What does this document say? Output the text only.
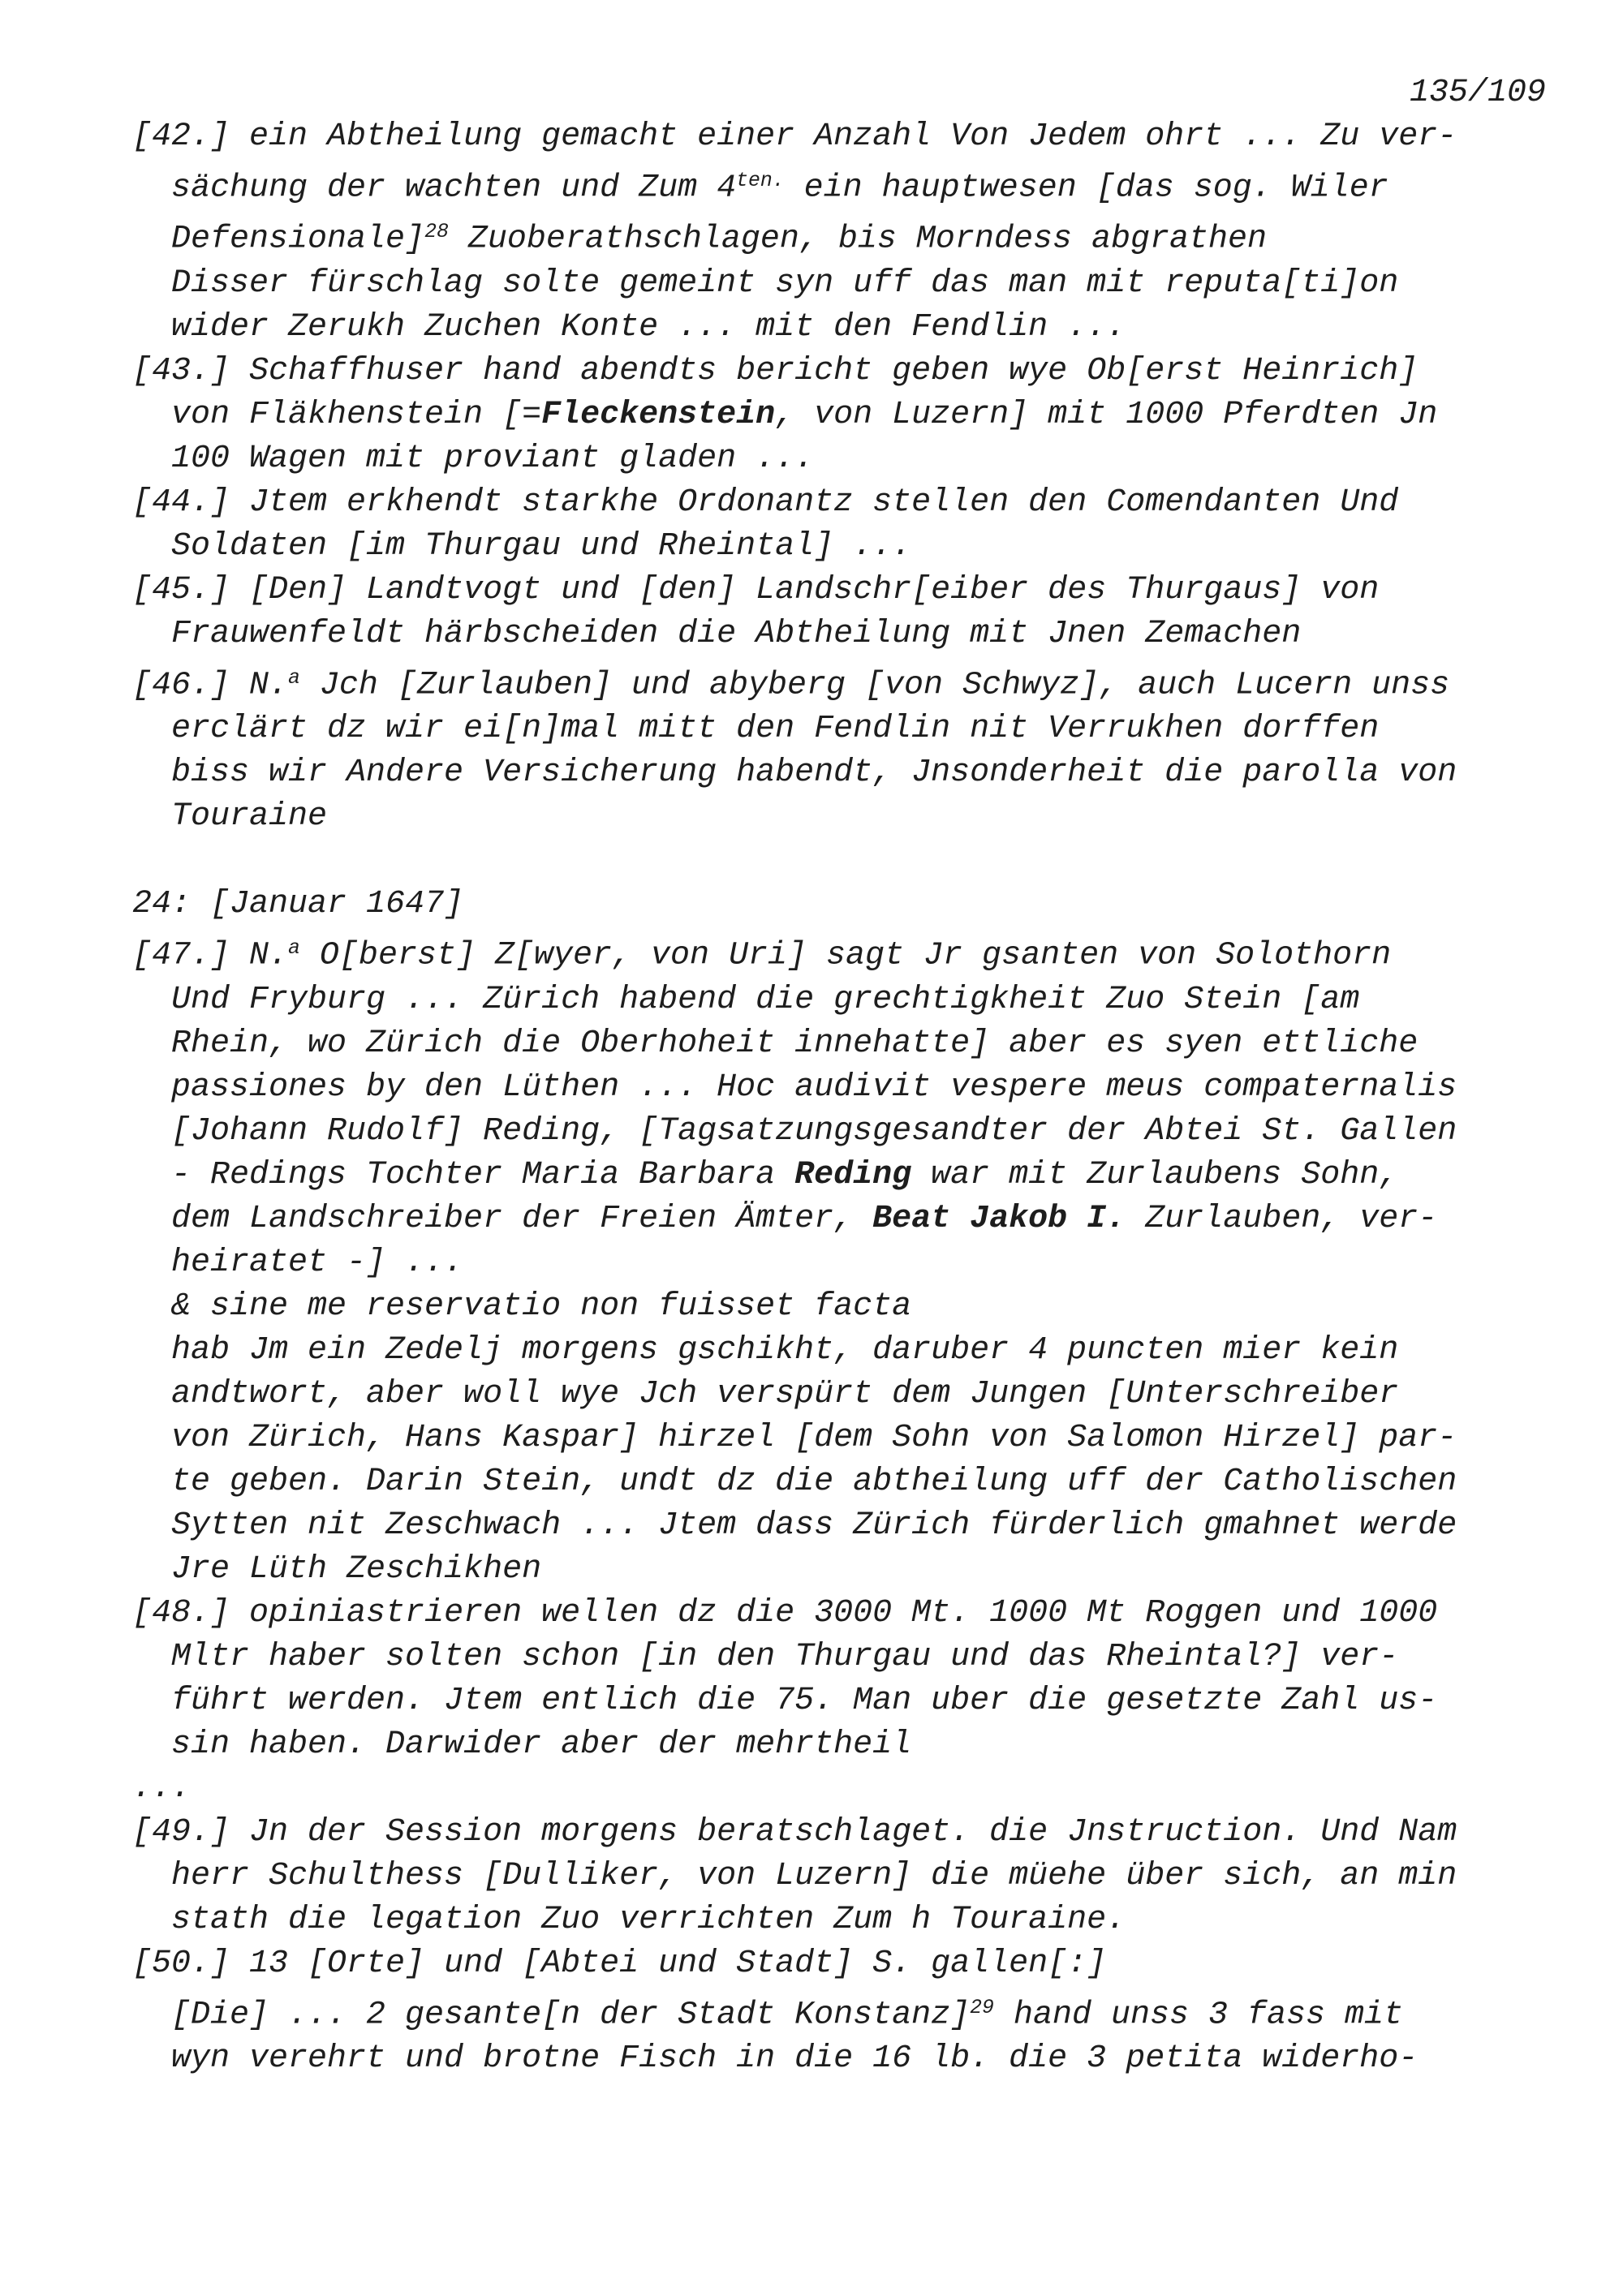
135/109
[42.] ein Abtheilung gemacht einer Anzahl Von Jedem ohrt ... Zu ver-
sächung der wachten und Zum $4^{ten.}$ ein hauptwesen [das sog. Wiler
Defensionale]$^{28}$ Zuoberathschlagen, bis Morndess abgrathen
Disser fürschlag solte gemeint syn uff das man mit reputa[ti]on
wider Zerukh Zuchen Konte ... mit den Fendlin ...
[43.] Schaffhuser hand abendts bericht geben wye Ob[erst Heinrich]
von Fläkhenstein [=Fleckenstein, von Luzern] mit 1000 Pferdten Jn
100 Wagen mit proviant gladen ...
[44.] Jtem erkhendt starkhe Ordonantz stellen den Comendanten Und
Soldaten [im Thurgau und Rheintal] ...
[45.] [Den] Landtvogt und [den] Landschr[eiber des Thurgaus] von
Frauwenfeldt härbscheiden die Abtheilung mit Jnen Zemachen
[46.] N.$^a$ Jch [Zurlauben] und abyberg [von Schwyz], auch Lucern unss
erclärt dz wir ei[n]mal mitt den Fendlin nit Verrukhen dorffen
biss wir Andere Versicherung habendt, Jnsonderheit die parolla von
Touraine

24: [Januar 1647]
[47.] N.$^a$ O[berst] Z[wyer, von Uri] sagt Jr gsanten von Solothorn
Und Fryburg ... Zürich habend die grechtigkheit Zuo Stein [am
Rhein, wo Zürich die Oberhoheit innehatte] aber es syen ettliche
passiones by den Lüthen ... Hoc audivit vespere meus compaternalis
[Johann Rudolf] Reding, [Tagsatzungsgesandter der Abtei St. Gallen
- Redings Tochter Maria Barbara Reding war mit Zurlaubens Sohn,
dem Landschreiber der Freien Ämter, Beat Jakob I. Zurlauben, ver-
heiratet -] ...
& sine me reservatio non fuisset facta
hab Jm ein Zedelj morgens gschikht, daruber 4 puncten mier kein
andtwort, aber woll wye Jch verspürt dem Jungen [Unterschreiber
von Zürich, Hans Kaspar] hirzel [dem Sohn von Salomon Hirzel] par-
te geben. Darin Stein, undt dz die abtheilung uff der Catholischen
Sytten nit Zeschwach ... Jtem dass Zürich fürderlich gmahnet werde
Jre Lüth Zeschikhen
[48.] opiniastrieren wellen dz die 3000 Mt. 1000 Mt Roggen und 1000
Mltr haber solten schon [in den Thurgau und das Rheintal?] ver-
führt werden. Jtem entlich die 75. Man uber die gesetzte Zahl us-
sin haben. Darwider aber der mehrtheil
...
[49.] Jn der Session morgens beratschlaget. die Jnstruction. Und Nam
herr Schulthess [Dulliker, von Luzern] die müehe über sich, an min
stath die legation Zuo verrichten Zum h Touraine.
[50.] 13 [Orte] und [Abtei und Stadt] S. gallen[:]
[Die] ... 2 gesante[n der Stadt Konstanz]$^{29}$ hand unss 3 fass mit
wyn verehrt und brotne Fisch in die 16 lb. die 3 petita widerho-
